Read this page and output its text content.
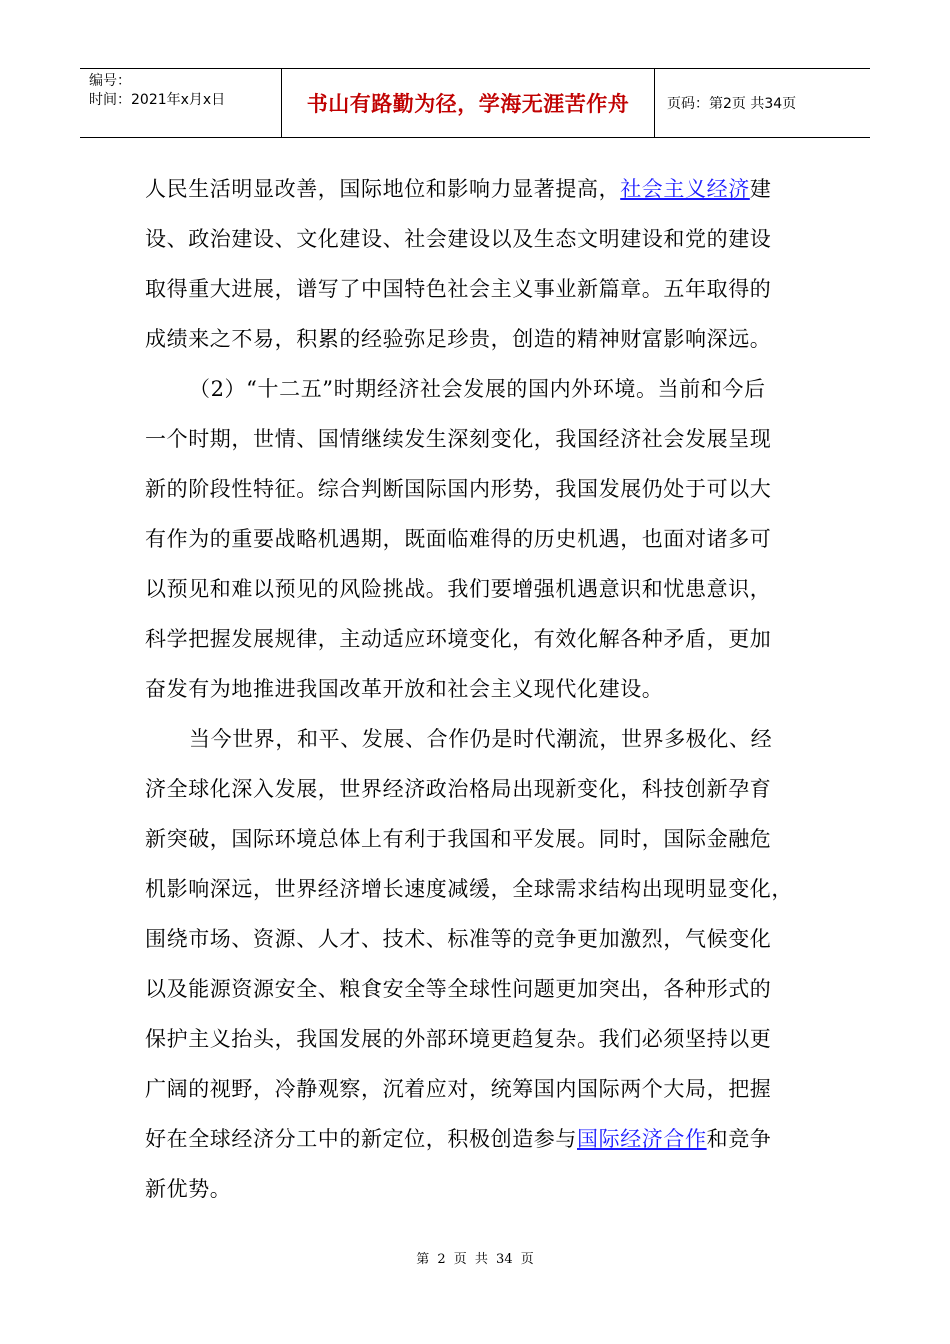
编号：
时间：2021年x月x日	书山有路勤为径，学海无涯苦作舟	页码：第2页 共34页
人民生活明显改善，国际地位和影响力显著提高，社会主义经济建
设、政治建设、文化建设、社会建设以及生态文明建设和党的建设
取得重大进展，谱写了中国特色社会主义事业新篇章。五年取得的
成绩来之不易，积累的经验弥足珍贵，创造的精神财富影响深远。
（2）“十二五”时期经济社会发展的国内外环境。当前和今后
一个时期，世情、国情继续发生深刻变化，我国经济社会发展呈现
新的阶段性特征。综合判断国际国内形势，我国发展仍处于可以大
有作为的重要战略机遇期，既面临难得的历史机遇，也面对诸多可
以预见和难以预见的风险挑战。我们要增强机遇意识和忧患意识，
科学把握发展规律，主动适应环境变化，有效化解各种矛盾，更加
奋发有为地推进我国改革开放和社会主义现代化建设。
当今世界，和平、发展、合作仍是时代潮流，世界多极化、经
济全球化深入发展，世界经济政治格局出现新变化，科技创新孕育
新突破，国际环境总体上有利于我国和平发展。同时，国际金融危
机影响深远，世界经济增长速度减缓，全球需求结构出现明显变化，
围绕市场、资源、人才、技术、标准等的竞争更加激烈，气候变化
以及能源资源安全、粮食安全等全球性问题更加突出，各种形式的
保护主义抬头，我国发展的外部环境更趋复杂。我们必须坚持以更
广阔的视野，冷静观察，沉着应对，统筹国内国际两个大局，把握
好在全球经济分工中的新定位，积极创造参与国际经济合作和竞争
新优势。
第 2 页 共 34 页
